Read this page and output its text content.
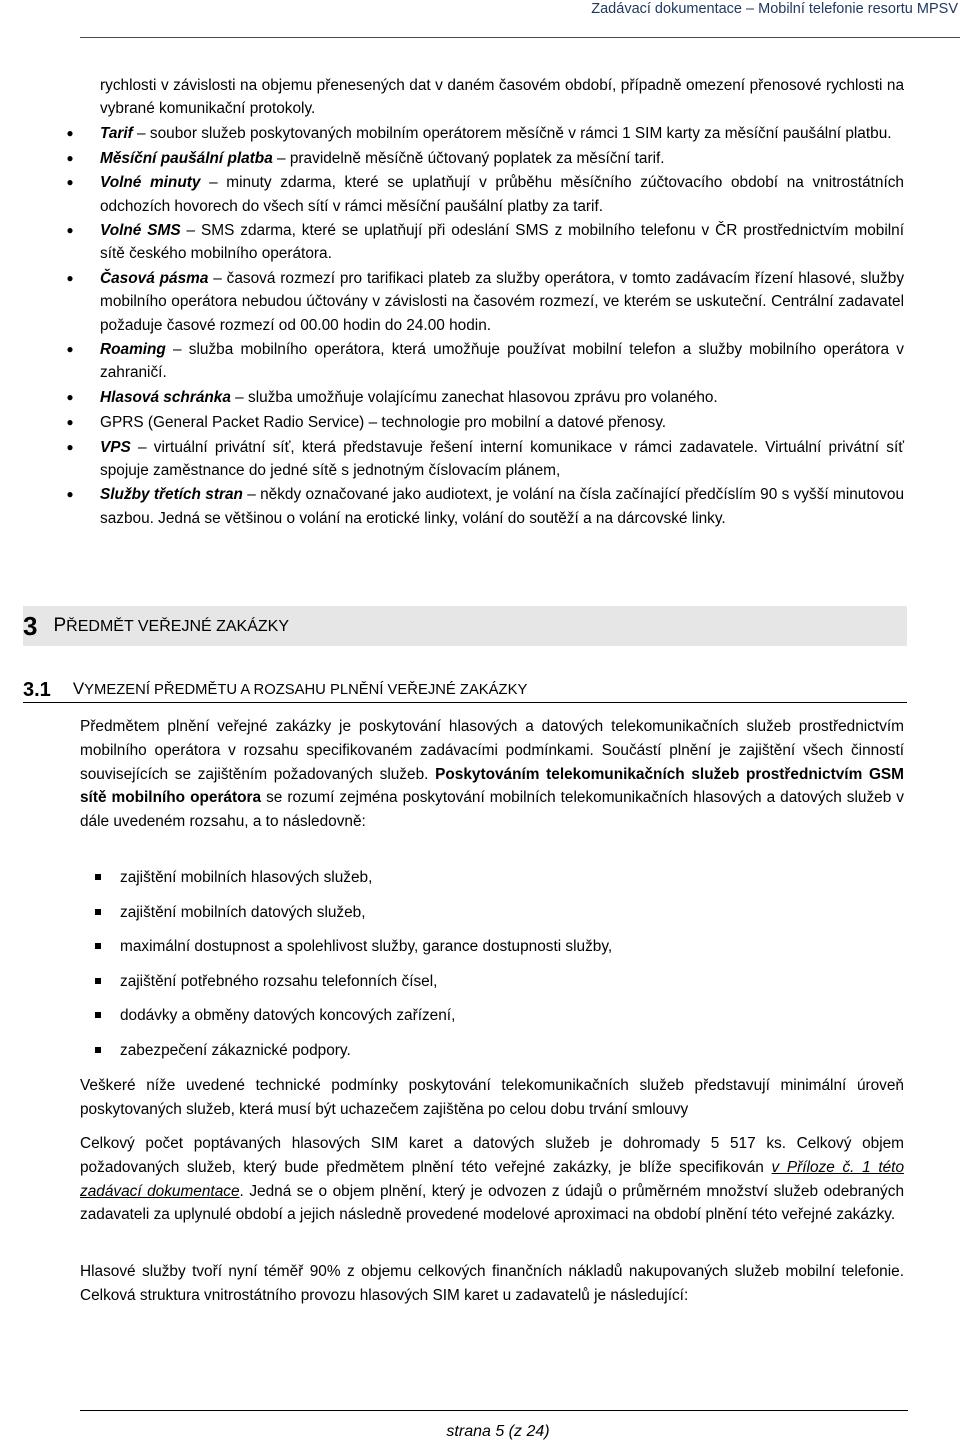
Zadávací dokumentace – Mobilní telefonie resortu MPSV
rychlosti v závislosti na objemu přenesených dat v daném časovém období, případně omezení přenosové rychlosti na vybrané komunikační protokoly.
●	Tarif – soubor služeb poskytovaných mobilním operátorem měsíčně v rámci 1 SIM karty za měsíční paušální platbu.
●	Měsíční paušální platba – pravidelně měsíčně účtovaný poplatek za měsíční tarif.
●	Volné minuty – minuty zdarma, které se uplatňují v průběhu měsíčního zúčtovacího období na vnitrostátních odchozích hovorech do všech sítí v rámci měsíční paušální platby za tarif.
●	Volné SMS – SMS zdarma, které se uplatňují při odeslání SMS z mobilního telefonu v ČR prostřednictvím mobilní sítě českého mobilního operátora.
●	Časová pásma – časová rozmezí pro tarifikaci plateb za služby operátora, v tomto zadávacím řízení hlasové, služby mobilního operátora nebudou účtovány v závislosti na časovém rozmezí, ve kterém se uskuteční. Centrální zadavatel požaduje časové rozmezí od 00.00 hodin do 24.00 hodin.
●	Roaming – služba mobilního operátora, která umožňuje používat mobilní telefon a služby mobilního operátora v zahraničí.
●	Hlasová schránka – služba umožňuje volajícímu zanechat hlasovou zprávu pro volaného.
●	GPRS (General Packet Radio Service) – technologie pro mobilní a datové přenosy.
●	VPS – virtuální privátní síť, která představuje řešení interní komunikace v rámci zadavatele. Virtuální privátní síť spojuje zaměstnance do jedné sítě s jednotným číslovacím plánem,
●	Služby třetích stran – někdy označované jako audiotext, je volání na čísla začínající předčíslím 90 s vyšší minutovou sazbou. Jedná se většinou o volání na erotické linky, volání do soutěží a na dárcovské linky.
3 PŘEDMĚT VEŘEJNÉ ZAKÁZKY
3.1 VYMEZENÍ PŘEDMĚTU A ROZSAHU PLNĚNÍ VEŘEJNÉ ZAKÁZKY

Předmětem plnění veřejné zakázky je poskytování hlasových a datových telekomunikačních služeb prostřednictvím mobilního operátora v rozsahu specifikovaném zadávacími podmínkami. Součástí plnění je zajištění všech činností souvisejících se zajištěním požadovaných služeb. Poskytováním telekomunikačních služeb prostřednictvím GSM sítě mobilního operátora se rozumí zejména poskytování mobilních telekomunikačních hlasových a datových služeb v dále uvedeném rozsahu, a to následovně:

zajištění mobilních hlasových služeb,
zajištění mobilních datových služeb,
maximální dostupnost a spolehlivost služby, garance dostupnosti služby,
zajištění potřebného rozsahu telefonních čísel,
dodávky a obměny datových koncových zařízení,
zabezpečení zákaznické podpory.

Veškeré níže uvedené technické podmínky poskytování telekomunikačních služeb představují minimální úroveň poskytovaných služeb, která musí být uchazečem zajištěna po celou dobu trvání smlouvy

Celkový počet poptávaných hlasových SIM karet a datových služeb je dohromady 5 517 ks. Celkový objem požadovaných služeb, který bude předmětem plnění této veřejné zakázky, je blíže specifikován v Příloze č. 1 této zadávací dokumentace. Jedná se o objem plnění, který je odvozen z údajů o průměrném množství služeb odebraných zadavateli za uplynulé období a jejich následně provedené modelové aproximaci na období plnění této veřejné zakázky.

Hlasové služby tvoří nyní téměř 90% z objemu celkových finančních nákladů nakupovaných služeb mobilní telefonie. Celková struktura vnitrostátního provozu hlasových SIM karet u zadavatelů je následující:

strana 5 (z 24)
